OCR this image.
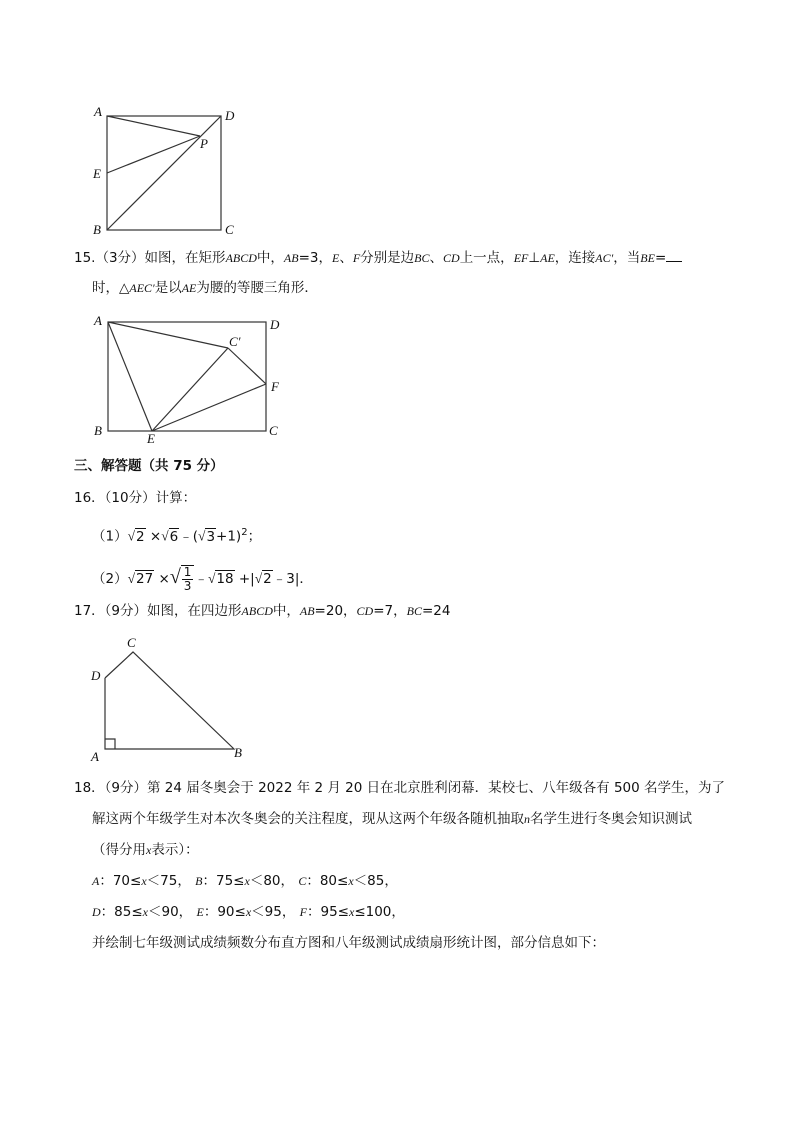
A	D
P
E
B	C
15.（3分）如图，在矩形ABCD中，AB=3，E、F分别是边BC、CD上一点，EF⊥AE，连接AC′，当BE=
时，△AEC′是以AE为腰的等腰三角形．
A	D
C′
F
B
E
C
三、解答题（共 75 分）
16．（10分）计算：
$(1)√2 \times√6﹣(√3+1)^2$；
（2）√27 ×√ $\frac{1}{3}$ ﹣√18 +|√2﹣3|．
17．（9分）如图，在四边形ABCD中，AB=20，CD=7，BC=24
C
D
A	B
18．（9分）第 24 届冬奥会于 2022 年 2 月 20 日在北京胜利闭幕．某校七、八年级各有 500 名学生，为了
解这两个年级学生对本次冬奥会的关注程度，现从这两个年级各随机抽取n名学生进行冬奥会知识测试
（得分用x表示）：
A：70≤x＜75， B：75≤x＜80， C：80≤x＜85，
D：85≤x＜90， E：90≤x＜95， F：95≤x≤100，
并绘制七年级测试成绩频数分布直方图和八年级测试成绩扇形统计图，部分信息如下：
